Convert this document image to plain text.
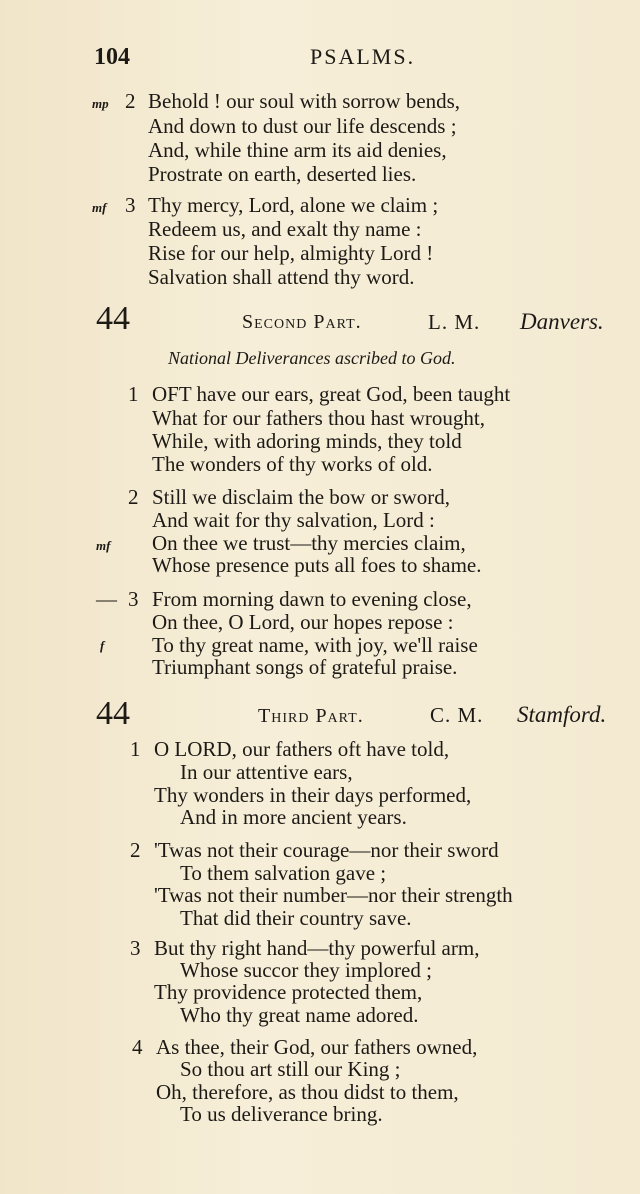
104	PSALMS.
mp 2 Behold ! our soul with sorrow bends,
And down to dust our life descends ;
And, while thine arm its aid denies,
Prostrate on earth, deserted lies.
mf 3 Thy mercy, Lord, alone we claim ;
Redeem us, and exalt thy name :
Rise for our help, almighty Lord !
Salvation shall attend thy word.
44	Second Part.	L. M. Danvers.
National Deliverances ascribed to God.
1 OFT have our ears, great God, been taught
What for our fathers thou hast wrought,
While, with adoring minds, they told
The wonders of thy works of old.
2 Still we disclaim the bow or sword,
And wait for thy salvation, Lord :
mf On thee we trust—thy mercies claim,
Whose presence puts all foes to shame.
— 3 From morning dawn to evening close,
On thee, O Lord, our hopes repose :
f To thy great name, with joy, we'll raise
Triumphant songs of grateful praise.
44	Third Part.	C. M. Stamford.
1 O LORD, our fathers oft have told,
In our attentive ears,
Thy wonders in their days performed,
And in more ancient years.
2 'Twas not their courage—nor their sword
To them salvation gave ;
'Twas not their number—nor their strength
That did their country save.
3 But thy right hand—thy powerful arm,
Whose succor they implored ;
Thy providence protected them,
Who thy great name adored.
4 As thee, their God, our fathers owned,
So thou art still our King ;
Oh, therefore, as thou didst to them,
To us deliverance bring.
